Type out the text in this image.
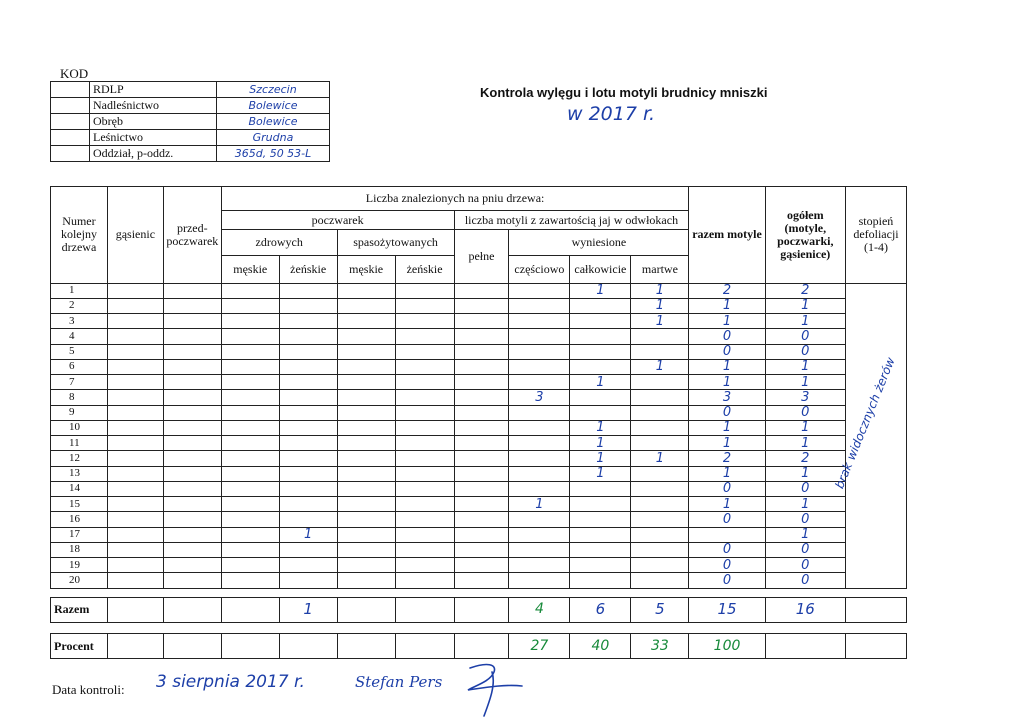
KOD
	RDLP	Szczecin
	Nadleśnictwo	Bolewice
	Obręb	Bolewice
	Leśnictwo	Grudna
	Oddział, p-oddz.	365d, 50 53-L
Kontrola wylęgu i lotu motyli brudnicy mniszki
w 2017 r.
Numer kolejny drzewa	gąsienic	przed-poczwarek	Liczba znalezionych na pniu drzewa:								razem motyle	ogółem (motyle, poczwarki, gąsienice)	stopień defoliacji (1-4)
			poczwarek				liczba motyli z zawartością jaj w odwłokach						
			zdrowych		spasożytowanych		pełne	wyniesione					
			męskie	żeńskie	męskie	żeńskie		częściowo	całkowicie	martwe			
1									1	1	2	2	
2										1	1	1	
3										1	1	1	
4											0	0	
5											0	0	
6										1	1	1	
7									1		1	1	
8								3			3	3	
9											0	0	
10									1		1	1	
11									1		1	1	
12									1	1	2	2	
13									1		1	1	
14											0	0	
15								1			1	1	
16											0	0	
17				1								1	
18											0	0	
19											0	0	
20											0	0	

Razem				1				4	6	5	15	16	

Procent								27	40	33	100		
brak widocznych żerów
Data kontroli: 3 sierpnia 2017 r.	Stefan Pers
